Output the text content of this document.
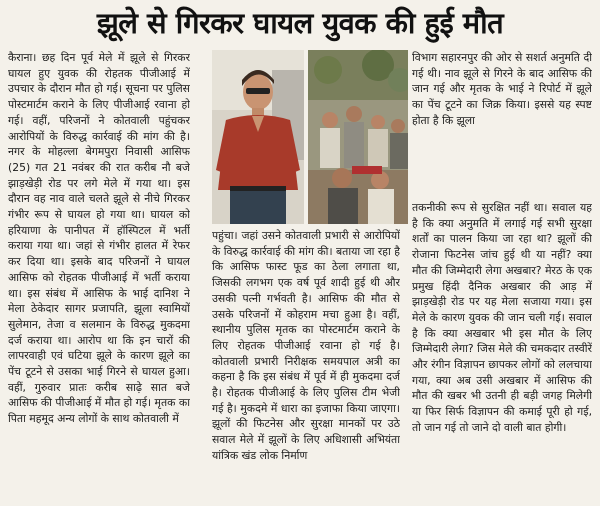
झूले से गिरकर घायल युवक की हुई मौत

कैराना। छह दिन पूर्व मेले में झूले से गिरकर घायल हुए युवक की रोहतक पीजीआई में उपचार के दौरान मौत हो गई। सूचना पर पुलिस पोस्टमार्टम कराने के लिए पीजीआई रवाना हो गई। वहीं, परिजनों ने कोतवाली पहुंचकर आरोपियों के विरुद्ध कार्रवाई की मांग की है। नगर के मोहल्ला बेगमपुरा निवासी आसिफ (25) गत 21 नवंबर की रात करीब नौ बजे झाड़खेड़ी रोड पर लगे मेले में गया था। इस दौरान वह नाव वाले चलते झूले से नीचे गिरकर गंभीर रूप से घायल हो गया था। घायल को हरियाणा के पानीपत में हॉस्पिटल में भर्ती कराया गया था। जहां से गंभीर हालत में रेफर कर दिया था। इसके बाद परिजनों ने घायल आसिफ को रोहतक पीजीआई में भर्ती कराया था। इस संबंध में आसिफ के भाई दानिश ने मेला ठेकेदार सागर प्रजापति, झूला स्वामियों सुलेमान, तेजा व सलमान के विरुद्ध मुकदमा दर्ज कराया था। आरोप था कि इन चारों की लापरवाही एवं घटिया झूले के कारण झूले का पेंच टूटने से उसका भाई गिरने से घायल हुआ। वहीं, गुरुवार प्रातः करीब साढ़े सात बजे आसिफ की पीजीआई में मौत हो गई। मृतक का पिता महमूद अन्य लोगों के साथ कोतवाली में

पहुंचा। जहां उसने कोतवाली प्रभारी से आरोपियों के विरुद्ध कार्रवाई की मांग की। बताया जा रहा है कि आसिफ फास्ट फूड का ठेला लगाता था, जिसकी लगभग एक वर्ष पूर्व शादी हुई थी और उसकी पत्नी गर्भवती है। आसिफ की मौत से उसके परिजनों में कोहराम मचा हुआ है। वहीं, स्थानीय पुलिस मृतक का पोस्टमार्टम कराने के लिए रोहतक पीजीआई रवाना हो गई है। कोतवाली प्रभारी निरीक्षक समयपाल अत्री का कहना है कि इस संबंध में पूर्व में ही मुकदमा दर्ज है। रोहतक पीजीआई के लिए पुलिस टीम भेजी गई है। मुकदमे में धारा का इजाफा किया जाएगा। झूलों की फिटनेस और सुरक्षा मानकों पर उठे सवाल मेले में झूलों के लिए अधिशासी अभियंता यांत्रिक खंड लोक निर्माण

विभाग सहारनपुर की ओर से सशर्त अनुमति दी गई थी। नाव झूले से गिरने के बाद आसिफ की जान गई और मृतक के भाई ने रिपोर्ट में झूले का पेंच टूटने का जिक्र किया। इससे यह स्पष्ट होता है कि झूला

तकनीकी रूप से सुरक्षित नहीं था। सवाल यह है कि क्या अनुमति में लगाई गई सभी सुरक्षा शर्तों का पालन किया जा रहा था? झूलों की रोजाना फिटनेस जांच हुई थी या नहीं? क्या मौत की जिम्मेदारी लेगा अखबार? मेरठ के एक प्रमुख हिंदी दैनिक अखबार की आड़ में झाड़खेड़ी रोड पर यह मेला सजाया गया। इस मेले के कारण युवक की जान चली गई। सवाल है कि क्या अखबार भी इस मौत के लिए जिम्मेदारी लेगा? जिस मेले की चमकदार तस्वीरें और रंगीन विज्ञापन छापकर लोगों को ललचाया गया, क्या अब उसी अखबार में आसिफ की मौत की खबर भी उतनी ही बड़ी जगह मिलेगी या फिर सिर्फ विज्ञापन की कमाई पूरी हो गई, तो जान गई तो जाने दो वाली बात होगी।
